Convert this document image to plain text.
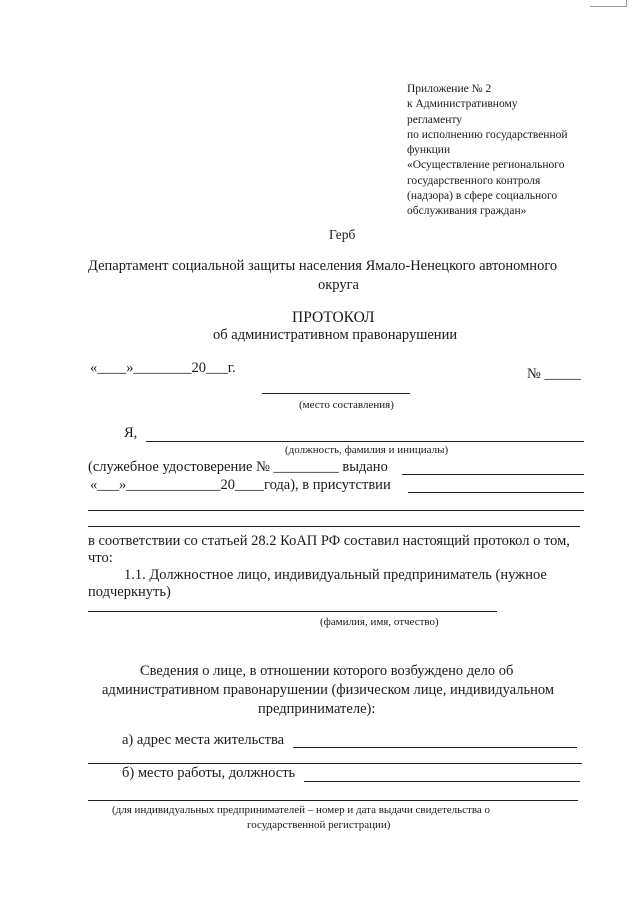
Приложение № 2
к Административному
регламенту
по исполнению государственной
функции
«Осуществление регионального
государственного контроля
(надзора) в сфере социального
обслуживания граждан»
Герб
Департамент социальной защиты населения Ямало-Ненецкого автономного
округа
ПРОТОКОЛ
об административном правонарушении
«____»________20___г.	№ _____
(место составления)
Я,
(должность, фамилия и инициалы)
(служебное удостоверение № _________ выдано
«___»_____________20____года), в присутствии
в соответствии со статьей 28.2 КоАП РФ составил настоящий протокол о том,
что:
1.1. Должностное лицо, индивидуальный предприниматель (нужное
подчеркнуть)
(фамилия, имя, отчество)
Сведения о лице, в отношении которого возбуждено дело об
административном правонарушении (физическом лице, индивидуальном
предпринимателе):
а) адрес места жительства
б) место работы, должность
(для индивидуальных предпринимателей – номер и дата выдачи свидетельства о
государственной регистрации)
